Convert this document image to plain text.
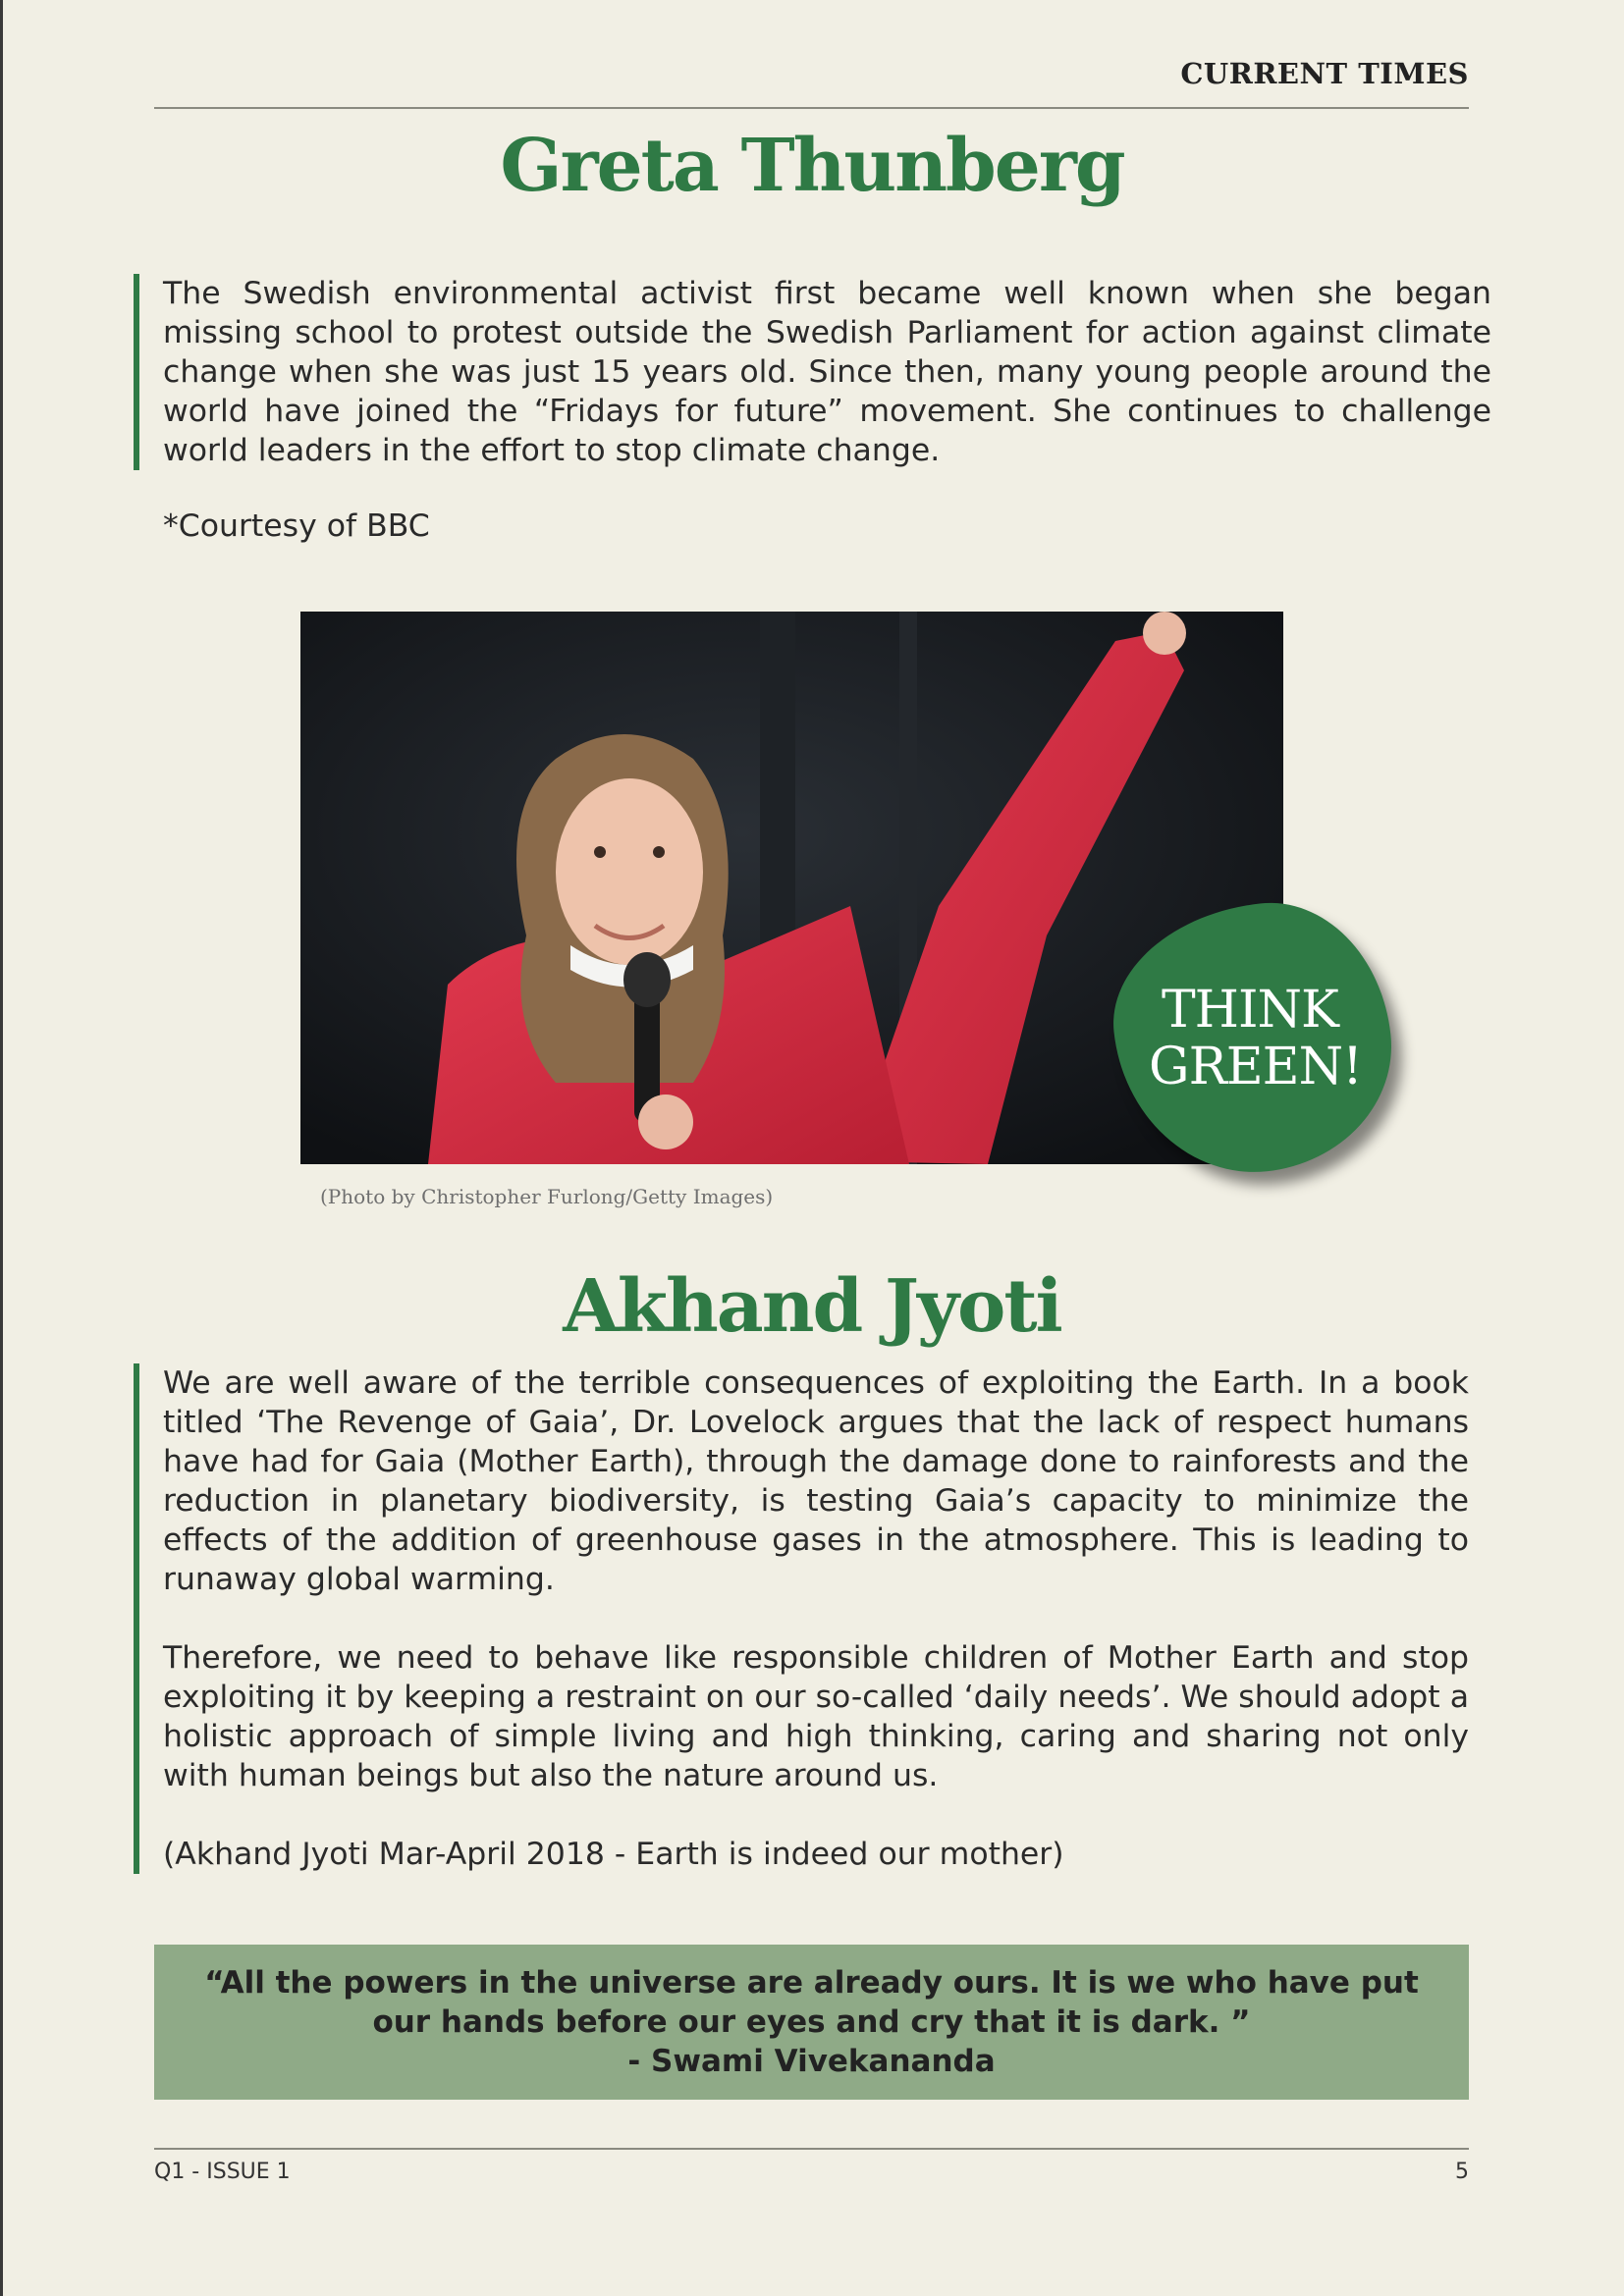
CURRENT TIMES
Greta Thunberg

The Swedish environmental activist first became well known when she began missing school to protest outside the Swedish Parliament for action against climate change when she was just 15 years old. Since then, many young people around the world have joined the “Fridays for future” movement. She continues to challenge world leaders in the effort to stop climate change.

*Courtesy of BBC
(Photo by Christopher Furlong/Getty Images)
THINK
GREEN!
Akhand Jyoti

We are well aware of the terrible consequences of exploiting the Earth. In a book titled ‘The Revenge of Gaia’, Dr. Lovelock argues that the lack of respect humans have had for Gaia (Mother Earth), through the damage done to rainforests and the reduction in planetary biodiversity, is testing Gaia’s capacity to minimize the effects of the addition of greenhouse gases in the atmosphere. This is leading to runaway global warming.

Therefore, we need to behave like responsible children of Mother Earth and stop exploiting it by keeping a restraint on our so-called ‘daily needs’. We should adopt a holistic approach of simple living and high thinking, caring and sharing not only with human beings but also the nature around us.

(Akhand Jyoti Mar-April 2018 - Earth is indeed our mother)

“All the powers in the universe are already ours. It is we who have put
our hands before our eyes and cry that it is dark. ”
- Swami Vivekananda
Q1 - ISSUE 1	5
